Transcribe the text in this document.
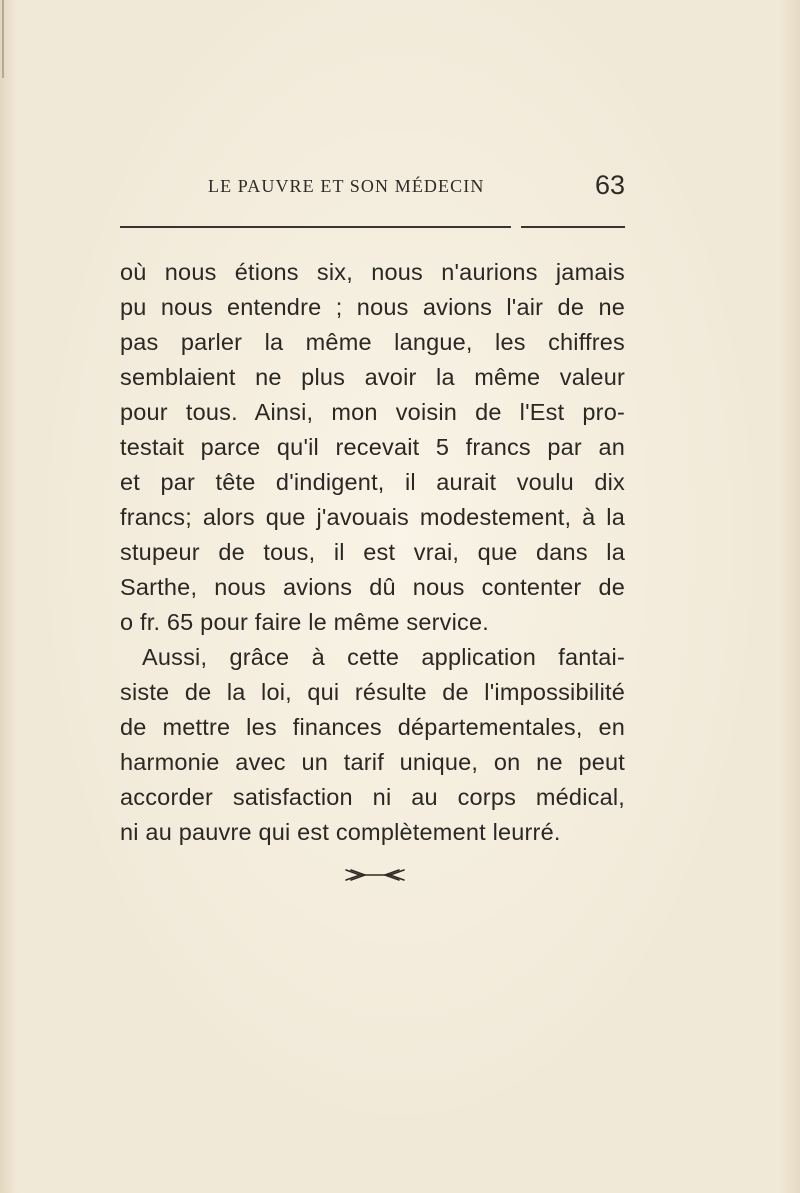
LE PAUVRE ET SON MÉDECIN	63
où nous étions six, nous n'aurions jamais
pu nous entendre ; nous avions l'air de ne
pas parler la même langue, les chiffres
semblaient ne plus avoir la même valeur
pour tous. Ainsi, mon voisin de l'Est pro-
testait parce qu'il recevait 5 francs par an
et par tête d'indigent, il aurait voulu dix
francs; alors que j'avouais modestement, à la
stupeur de tous, il est vrai, que dans la
Sarthe, nous avions dû nous contenter de
o fr. 65 pour faire le même service.
Aussi, grâce à cette application fantai-
siste de la loi, qui résulte de l'impossibilité
de mettre les finances départementales, en
harmonie avec un tarif unique, on ne peut
accorder satisfaction ni au corps médical,
ni au pauvre qui est complètement leurré.
